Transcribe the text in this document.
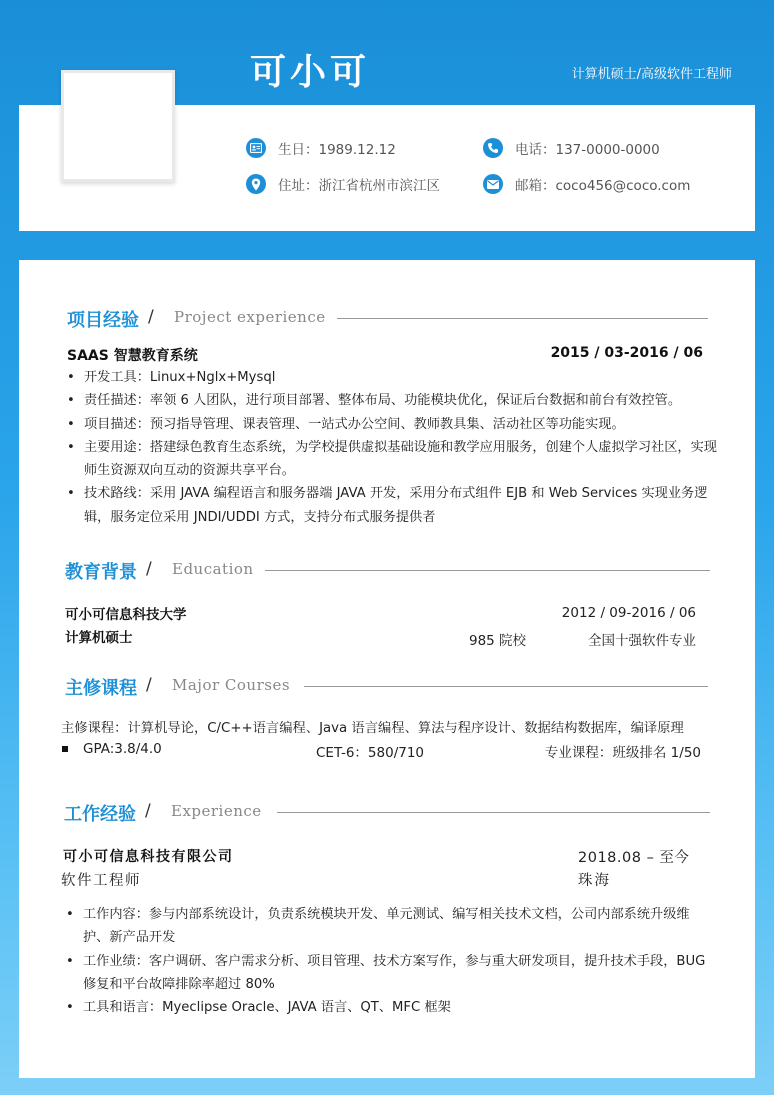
可小可	计算机硕士/高级软件工程师
生日：1989.12.12	电话：137-0000-0000
住址：浙江省杭州市滨江区	邮箱：coco456@coco.com
项目经验 / Project experience
SAAS 智慧教育系统	2015 / 03-2016 / 06
• 开发工具：Linux+Nglx+Mysql
• 责任描述：率领 6 人团队，进行项目部署、整体布局、功能模块优化，保证后台数据和前台有效控管。
• 项目描述：预习指导管理、课表管理、一站式办公空间、教师教具集、活动社区等功能实现。
• 主要用途：搭建绿色教育生态系统，为学校提供虚拟基础设施和教学应用服务，创建个人虚拟学习社区，实现师生资源双向互动的资源共享平台。
• 技术路线：采用 JAVA 编程语言和服务器端 JAVA 开发，采用分布式组件 EJB 和 Web Services 实现业务逻辑，服务定位采用 JNDI/UDDI 方式，支持分布式服务提供者
教育背景 / Education
可小可信息科技大学	2012 / 09-2016 / 06
计算机硕士	985 院校	全国十强软件专业
主修课程 / Major Courses
主修课程：计算机导论，C/C++语言编程、Java 语言编程、算法与程序设计、数据结构数据库，编译原理
GPA:3.8/4.0	CET-6：580/710	专业课程：班级排名 1/50
工作经验 / Experience
可小可信息科技有限公司	2018.08 – 至今
软件工程师	珠海
• 工作内容：参与内部系统设计，负责系统模块开发、单元测试、编写相关技术文档，公司内部系统升级维护、新产品开发
• 工作业绩：客户调研、客户需求分析、项目管理、技术方案写作，参与重大研发项目，提升技术手段，BUG 修复和平台故障排除率超过 80%
• 工具和语言：Myeclipse Oracle、JAVA 语言、QT、MFC 框架
